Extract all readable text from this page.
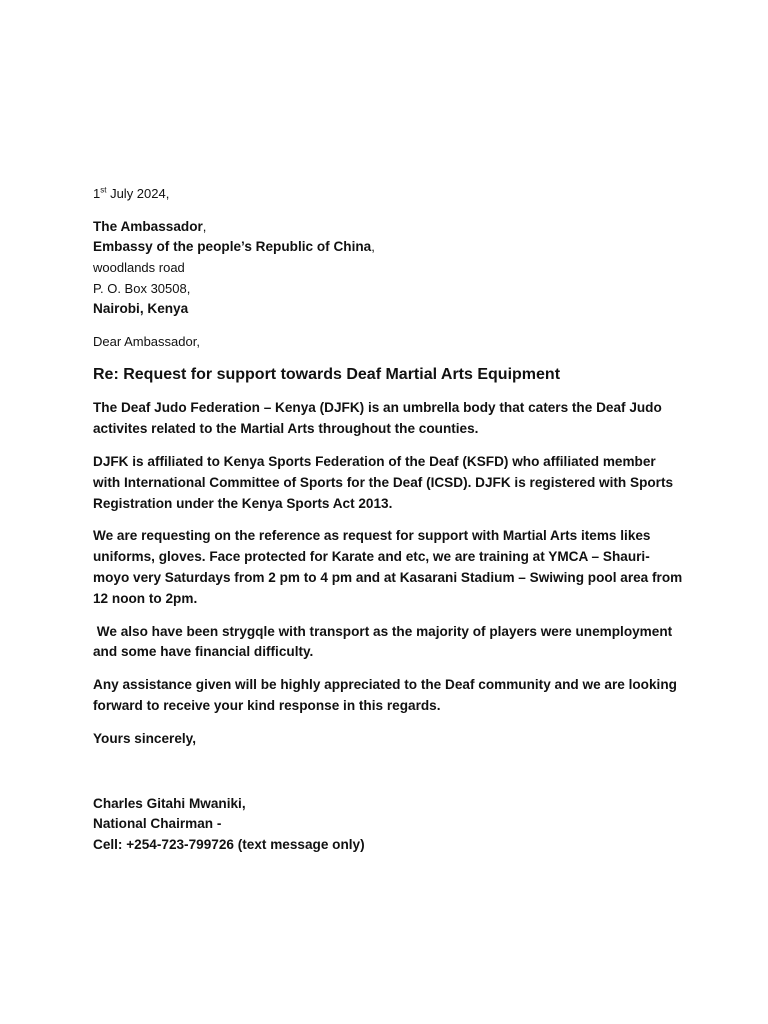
1st July 2024,
The Ambassador,
Embassy of the people’s Republic of China,
woodlands road
P. O. Box 30508,
Nairobi, Kenya
Dear Ambassador,
Re: Request for support towards Deaf Martial Arts Equipment

The Deaf Judo Federation – Kenya (DJFK) is an umbrella body that caters the Deaf Judo activites related to the Martial Arts throughout the counties.

DJFK is affiliated to Kenya Sports Federation of the Deaf (KSFD) who affiliated member with International Committee of Sports for the Deaf (ICSD). DJFK is registered with Sports Registration under the Kenya Sports Act 2013.

We are requesting on the reference as request for support with Martial Arts items likes uniforms, gloves. Face protected for Karate and etc, we are training at YMCA – Shauri-moyo very Saturdays from 2 pm to 4 pm and at Kasarani Stadium – Swiwing pool area from 12 noon to 2pm.

We also have been strygqle with transport as the majority of players were unemployment and some have financial difficulty.

Any assistance given will be highly appreciated to the Deaf community and we are looking forward to receive your kind response in this regards.

Yours sincerely,

Charles Gitahi Mwaniki,
National Chairman -
Cell: +254-723-799726 (text message only)
